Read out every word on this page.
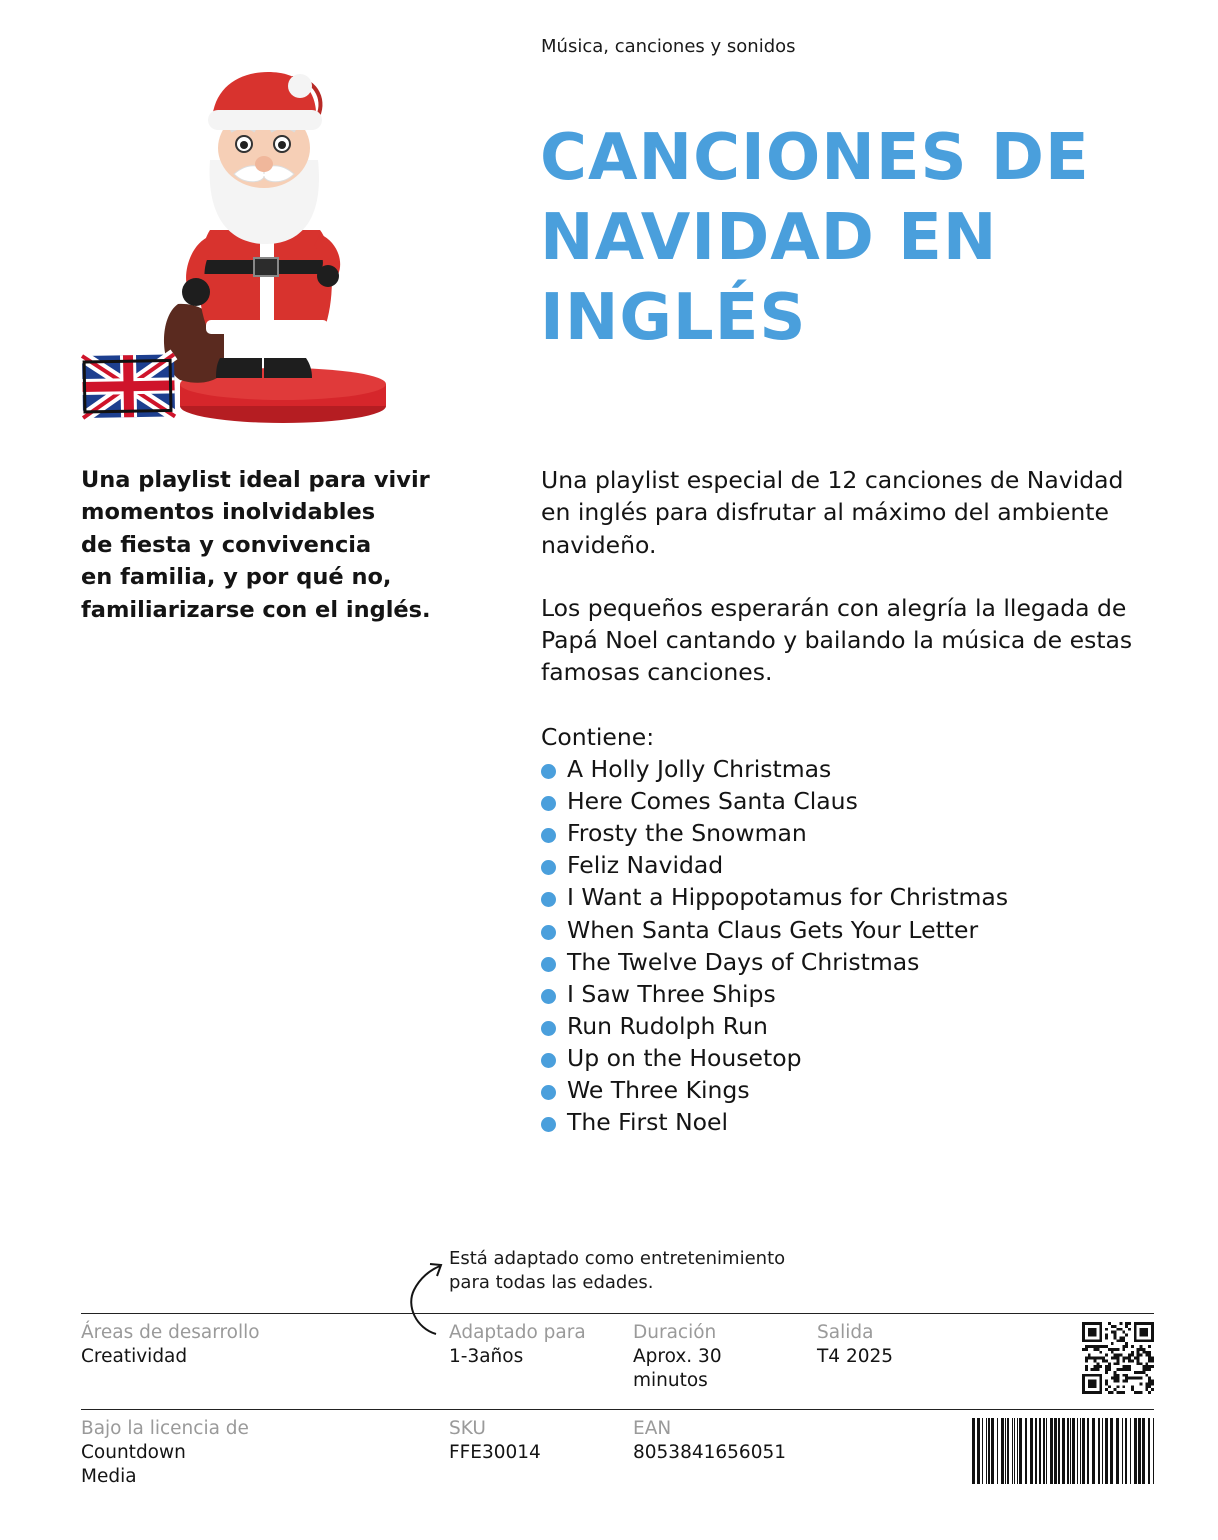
Música, canciones y sonidos
CANCIONES DE
NAVIDAD EN
INGLÉS

Una playlist ideal para vivir
momentos inolvidables
de fiesta y convivencia
en familia, y por qué no,
familiarizarse con el inglés.

Una playlist especial de 12 canciones de Navidad
en inglés para disfrutar al máximo del ambiente
navideño.

Los pequeños esperarán con alegría la llegada de
Papá Noel cantando y bailando la música de estas
famosas canciones.

Contiene:
A Holly Jolly Christmas
Here Comes Santa Claus
Frosty the Snowman
Feliz Navidad
I Want a Hippopotamus for Christmas
When Santa Claus Gets Your Letter
The Twelve Days of Christmas
I Saw Three Ships
Run Rudolph Run
Up on the Housetop
We Three Kings
The First Noel
Está adaptado como entretenimiento
para todas las edades.
Áreas de desarrollo
Creatividad
Adaptado para
1-3años
Duración
Aprox. 30
minutos
Salida
T4 2025
Bajo la licencia de
Countdown
Media
SKU
FFE30014
EAN
8053841656051
